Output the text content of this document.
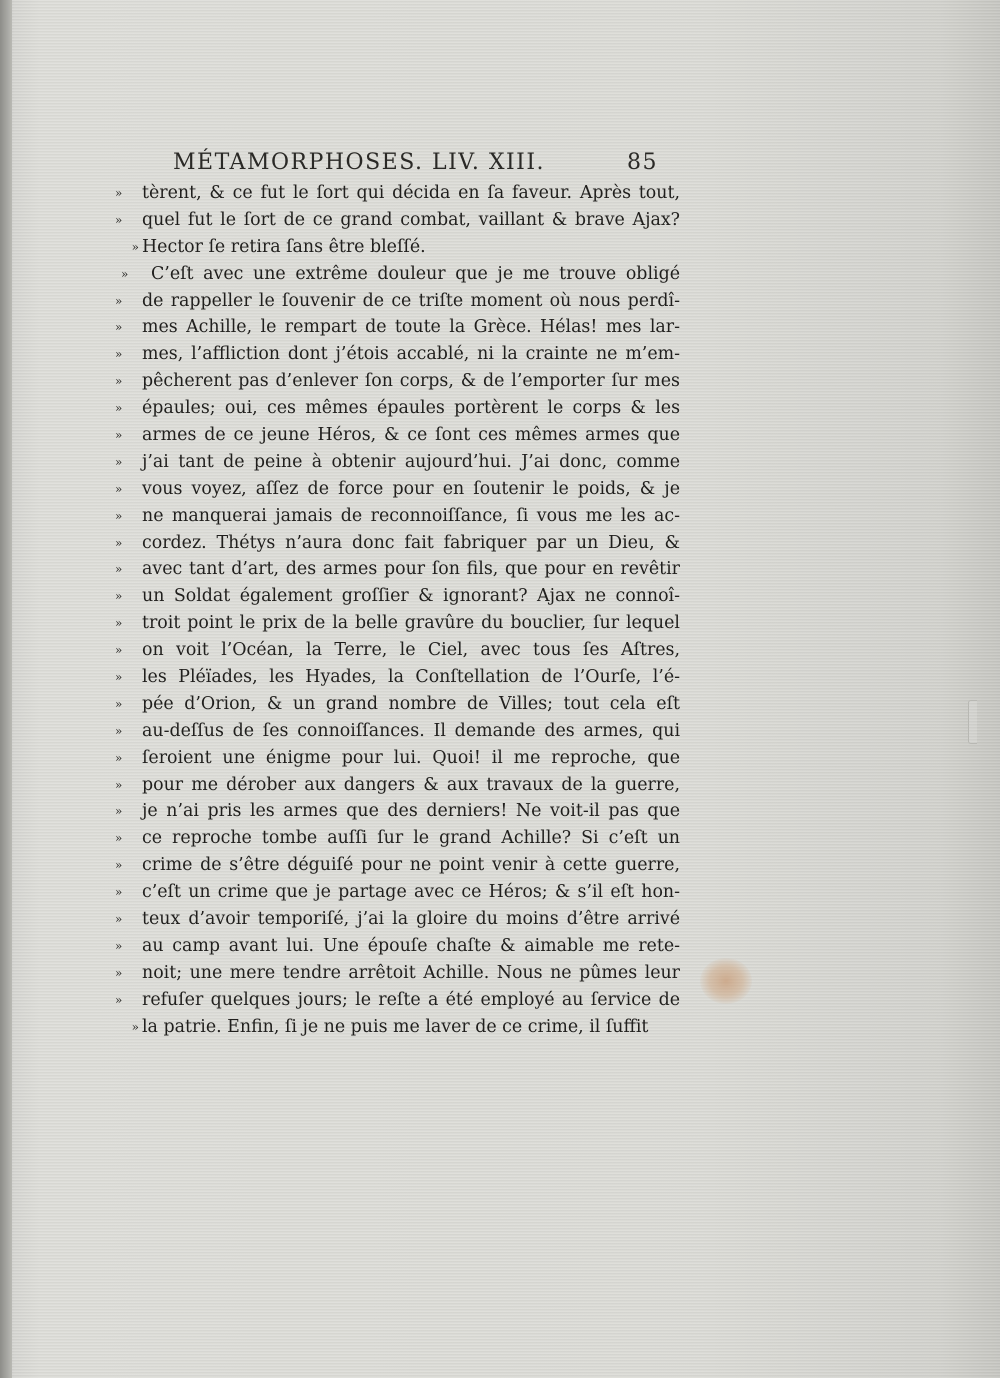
MÉTAMORPHOSES. LIV. XIII.	85
»	tèrent, & ce fut le ſort qui décida en ſa faveur. Après tout,
»	quel fut le ſort de ce grand combat, vaillant & brave Ajax?
» Hector ſe retira ſans être bleſſé.
»	C’eſt avec une extrême douleur que je me trouve obligé
»	de rappeller le ſouvenir de ce triſte moment où nous perdî-
»	mes Achille, le rempart de toute la Grèce. Hélas! mes lar-
»	mes, l’affliction dont j’étois accablé, ni la crainte ne m’em-
»	pêcherent pas d’enlever ſon corps, & de l’emporter ſur mes
»	épaules; oui, ces mêmes épaules portèrent le corps & les
»	armes de ce jeune Héros, & ce ſont ces mêmes armes que
»	j’ai tant de peine à obtenir aujourd’hui. J’ai donc, comme
»	vous voyez, aſſez de force pour en ſoutenir le poids, & je
»	ne manquerai jamais de reconnoiſſance, ſi vous me les ac-
»	cordez. Thétys n’aura donc fait fabriquer par un Dieu, &
»	avec tant d’art, des armes pour ſon fils, que pour en revêtir
»	un Soldat également groſſier & ignorant? Ajax ne connoî-
»	troit point le prix de la belle gravûre du bouclier, ſur lequel
»	on voit l’Océan, la Terre, le Ciel, avec tous ſes Aſtres,
»	les Pléïades, les Hyades, la Conſtellation de l’Ourſe, l’é-
»	pée d’Orion, & un grand nombre de Villes; tout cela eſt
»	au-deſſus de ſes connoiſſances. Il demande des armes, qui
»	ſeroient une énigme pour lui. Quoi! il me reproche, que
»	pour me dérober aux dangers & aux travaux de la guerre,
»	je n’ai pris les armes que des derniers! Ne voit-il pas que
»	ce reproche tombe auſſi ſur le grand Achille? Si c’eſt un
»	crime de s’être déguiſé pour ne point venir à cette guerre,
»	c’eſt un crime que je partage avec ce Héros; & s’il eſt hon-
»	teux d’avoir temporiſé, j’ai la gloire du moins d’être arrivé
»	au camp avant lui. Une épouſe chaſte & aimable me rete-
»	noit; une mere tendre arrêtoit Achille. Nous ne pûmes leur
»	refuſer quelques jours; le reſte a été employé au ſervice de
» la patrie. Enfin, ſi je ne puis me laver de ce crime, il ſuffit
